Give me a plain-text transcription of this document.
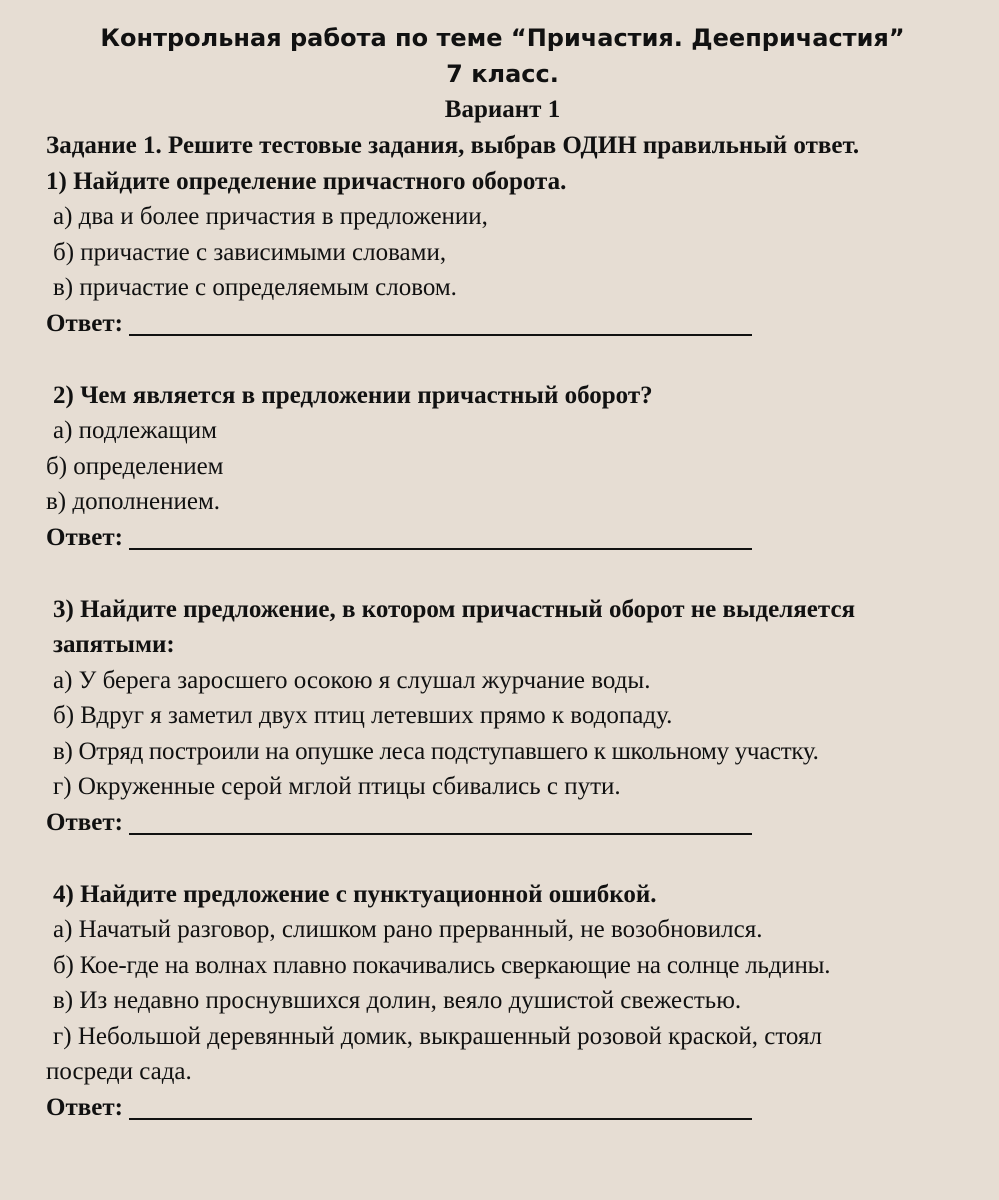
Контрольная работа по теме “Причастия. Деепричастия”
7 класс.
Вариант 1
Задание 1. Решите тестовые задания, выбрав ОДИН правильный ответ.
1) Найдите определение причастного оборота.
а) два и более причастия в предложении,
б) причастие с зависимыми словами,
в) причастие с определяемым словом.
Ответ:
2) Чем является в предложении причастный оборот?
а) подлежащим
б) определением
в) дополнением.
Ответ:
3) Найдите предложение, в котором причастный оборот не выделяется запятыми:
а) У берега заросшего осокою я слушал журчание воды.
б) Вдруг я заметил двух птиц летевших прямо к водопаду.
в) Отряд построили на опушке леса подступавшего к школьному участку.
г) Окруженные серой мглой птицы сбивались с пути.
Ответ:
4) Найдите предложение с пунктуационной ошибкой.
а) Начатый разговор, слишком рано прерванный, не возобновился.
б) Кое-где на волнах плавно покачивались сверкающие на солнце льдины.
в) Из недавно проснувшихся долин, веяло душистой свежестью.
г) Небольшой деревянный домик, выкрашенный розовой краской, стоял посреди сада.
Ответ:
